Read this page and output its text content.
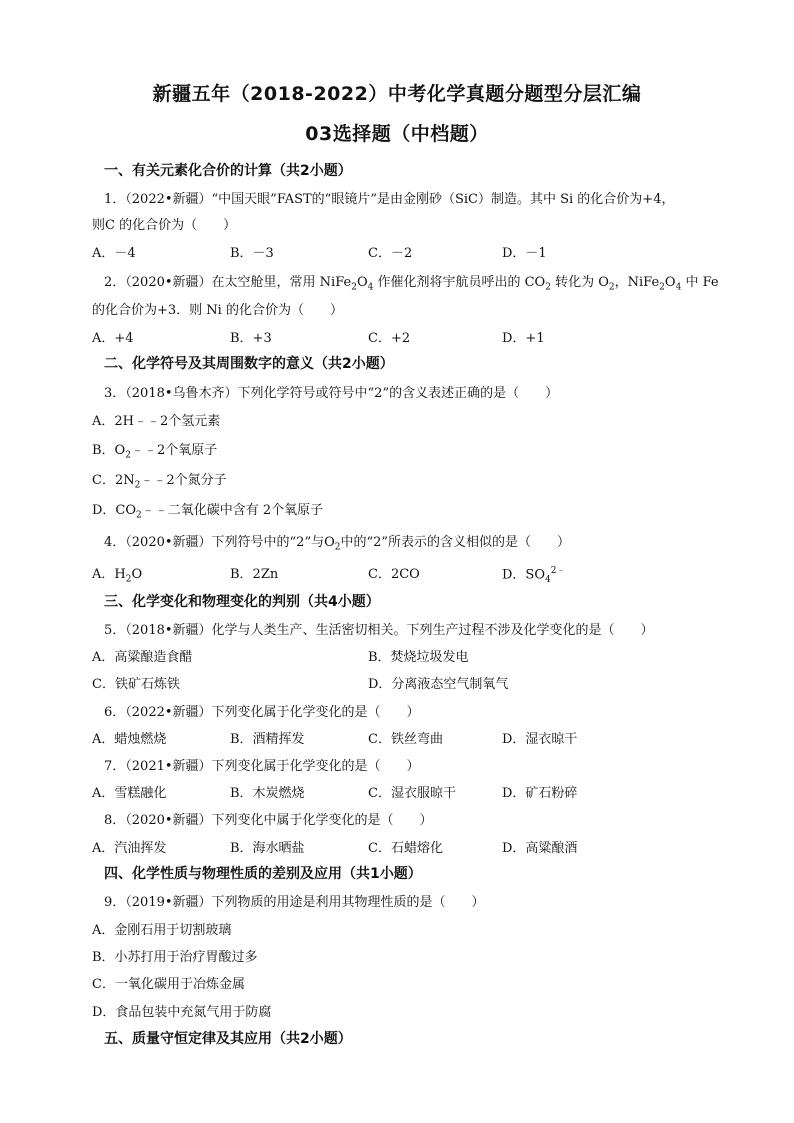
新疆五年（2018-2022）中考化学真题分题型分层汇编
03选择题（中档题）
一、有关元素化合价的计算（共2小题）
1．（2022•新疆）“中国天眼”FAST的“眼镜片”是由金刚砂（SiC）制造。其中 Si 的化合价为+4，
则C 的化合价为（　　）
A．－4	B．－3	C．－2	D．－1
2．（2020•新疆）在太空舱里，常用 $NiFe_2O_4$ 作催化剂将宇航员呼出的 $CO_2$ 转化为 $O_2$，$NiFe_2O_4$ 中 Fe
的化合价为+3．则 Ni 的化合价为（　　）
A．+4	B．+3	C．+2	D．+1
二、化学符号及其周围数字的意义（共2小题）
3．（2018•乌鲁木齐）下列化学符号或符号中“2”的含义表述正确的是（　　）
A．2H﹣﹣2个氢元素
B．$O_2﹣﹣2$个氧原子
C．$2N_2﹣﹣2$个氮分子
D．$CO_2﹣﹣$二氧化碳中含有 2个氧原子
4．（2020•新疆）下列符号中的“2”与$O_2$中的“2”所表示的含义相似的是（　　）
A．$H_2O$	B．2Zn	C．2CO	D．$SO_4^{2﹣}$
三、化学变化和物理变化的判别（共4小题）
5．（2018•新疆）化学与人类生产、生活密切相关。下列生产过程不涉及化学变化的是（　　）
A．高粱酿造食醋	B．焚烧垃圾发电
C．铁矿石炼铁	D．分离液态空气制氧气
6．（2022•新疆）下列变化属于化学变化的是（　　）
A．蜡烛燃烧	B．酒精挥发	C．铁丝弯曲	D．湿衣晾干
7．（2021•新疆）下列变化属于化学变化的是（　　）
A．雪糕融化	B．木炭燃烧	C．湿衣服晾干	D．矿石粉碎
8．（2020•新疆）下列变化中属于化学变化的是（　　）
A．汽油挥发	B．海水晒盐	C．石蜡熔化	D．高粱酿酒
四、化学性质与物理性质的差别及应用（共1小题）
9．（2019•新疆）下列物质的用途是利用其物理性质的是（　　）
A．金刚石用于切割玻璃
B．小苏打用于治疗胃酸过多
C．一氧化碳用于冶炼金属
D．食品包装中充氮气用于防腐
五、质量守恒定律及其应用（共2小题）
